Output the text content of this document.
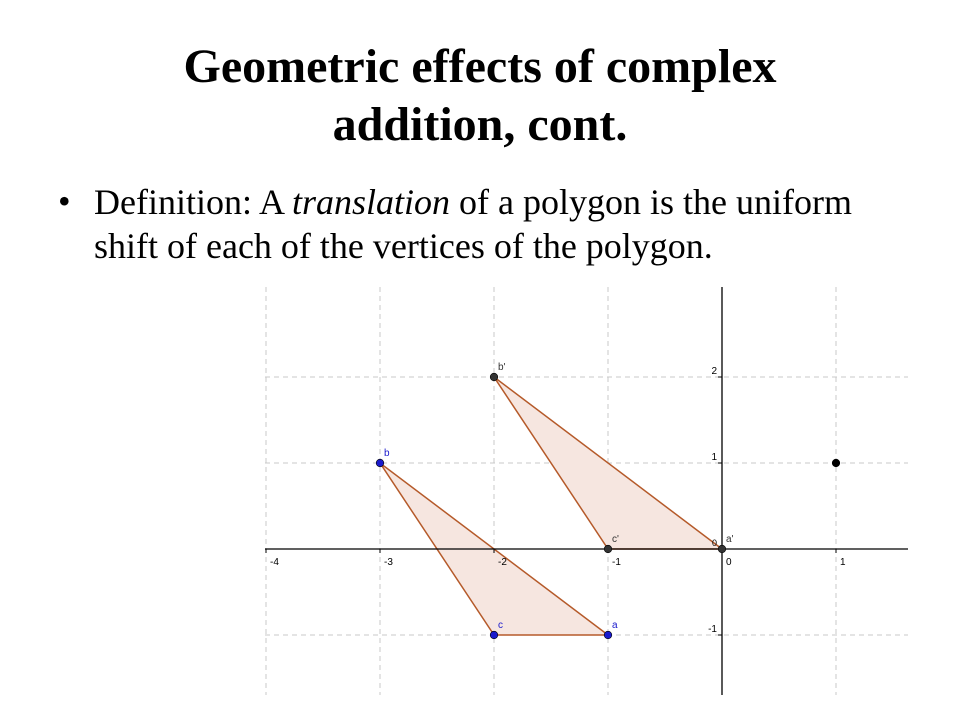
Geometric effects of complex
addition, cont.
• Definition: A translation of a polygon is the uniform shift of each of the vertices of the polygon.
-4	-3	-2	-1	0	1
-1
1
2
0
b
c	a
b'
c'	a'
